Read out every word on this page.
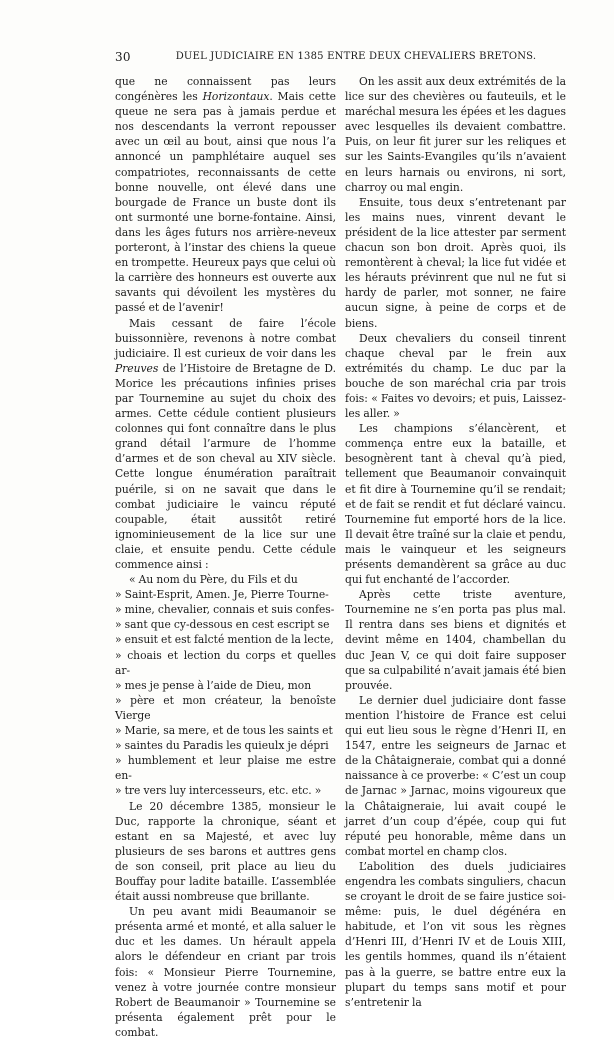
30	DUEL JUDICIAIRE EN 1385 ENTRE DEUX CHEVALIERS BRETONS.

que ne connaissent pas leurs congénères les Horizontaux. Mais cette queue ne sera pas à jamais perdue et nos descendants la verront repousser avec un œil au bout, ainsi que nous l’a annoncé un pamphlétaire auquel ses compatriotes, reconnaissants de cette bonne nouvelle, ont élevé dans une bourgade de France un buste dont ils ont surmonté une borne-fontaine. Ainsi, dans les âges futurs nos arrière-neveux porteront, à l’instar des chiens la queue en trompette. Heureux pays que celui où la carrière des honneurs est ouverte aux savants qui dévoilent les mystères du passé et de l’avenir!

Mais cessant de faire l’école buissonnière, revenons à notre combat judiciaire. Il est curieux de voir dans les Preuves de l’Histoire de Bretagne de D. Morice les précautions infinies prises par Tournemine au sujet du choix des armes. Cette cédule contient plusieurs colonnes qui font connaître dans le plus grand détail l’armure de l’homme d’armes et de son cheval au XIV siècle. Cette longue énumération paraîtrait puérile, si on ne savait que dans le combat judiciaire le vaincu réputé coupable, était aussitôt retiré ignominieusement de la lice sur une claie, et ensuite pendu. Cette cédule commence ainsi :

« Au nom du Père, du Fils et du
» Saint-Esprit, Amen. Je, Pierre Tourne-
» mine, chevalier, connais et suis confes-
» sant que cy-dessous en cest escript se
» ensuit et est falcté mention de la lecte,
» choais et lection du corps et quelles ar-
» mes je pense à l’aide de Dieu, mon
» père et mon créateur, la benoîste Vierge
» Marie, sa mere, et de tous les saints et
» saintes du Paradis les quieulx je dépri
» humblement et leur plaise me estre en-
» tre vers luy intercesseurs, etc. etc. »

Le 20 décembre 1385, monsieur le Duc, rapporte la chronique, séant et estant en sa Majesté, et avec luy plusieurs de ses barons et auttres gens de son conseil, prit place au lieu du Bouffay pour ladite bataille. L’assemblée était aussi nombreuse que brillante.

Un peu avant midi Beaumanoir se présenta armé et monté, et alla saluer le duc et les dames. Un hérault appela alors le défendeur en criant par trois fois: « Monsieur Pierre Tournemine, venez à votre journée contre monsieur Robert de Beaumanoir » Tournemine se présenta également prêt pour le combat.

On les assit aux deux extrémités de la lice sur des chevières ou fauteuils, et le maréchal mesura les épées et les dagues avec lesquelles ils devaient combattre. Puis, on leur fit jurer sur les reliques et sur les Saints-Evangiles qu’ils n’avaient en leurs harnais ou environs, ni sort, charroy ou mal engin.

Ensuite, tous deux s’entretenant par les mains nues, vinrent devant le président de la lice attester par serment chacun son bon droit. Après quoi, ils remontèrent à cheval; la lice fut vidée et les hérauts prévinrent que nul ne fut si hardy de parler, mot sonner, ne faire aucun signe, à peine de corps et de biens.

Deux chevaliers du conseil tinrent chaque cheval par le frein aux extrémités du champ. Le duc par la bouche de son maréchal cria par trois fois: « Faites vo devoirs; et puis, Laissez-les aller. »

Les champions s’élancèrent, et commença entre eux la bataille, et besognèrent tant à cheval qu’à pied, tellement que Beaumanoir convainquit et fit dire à Tournemine qu’il se rendait; et de fait se rendit et fut déclaré vaincu. Tournemine fut emporté hors de la lice. Il devait être traîné sur la claie et pendu, mais le vainqueur et les seigneurs présents demandèrent sa grâce au duc qui fut enchanté de l’accorder.

Après cette triste aventure, Tournemine ne s’en porta pas plus mal. Il rentra dans ses biens et dignités et devint même en 1404, chambellan du duc Jean V, ce qui doit faire supposer que sa culpabilité n’avait jamais été bien prouvée.

Le dernier duel judiciaire dont fasse mention l’histoire de France est celui qui eut lieu sous le règne d’Henri II, en 1547, entre les seigneurs de Jarnac et de la Châtaigneraie, combat qui a donné naissance à ce proverbe: « C’est un coup de Jarnac » Jarnac, moins vigoureux que la Châtaigneraie, lui avait coupé le jarret d’un coup d’épée, coup qui fut réputé peu honorable, même dans un combat mortel en champ clos.

L’abolition des duels judiciaires engendra les combats singuliers, chacun se croyant le droit de se faire justice soi-même: puis, le duel dégénéra en habitude, et l’on vit sous les règnes d’Henri III, d’Henri IV et de Louis XIII, les gentils hommes, quand ils n’étaient pas à la guerre, se battre entre eux la plupart du temps sans motif et pour s’entretenir la
